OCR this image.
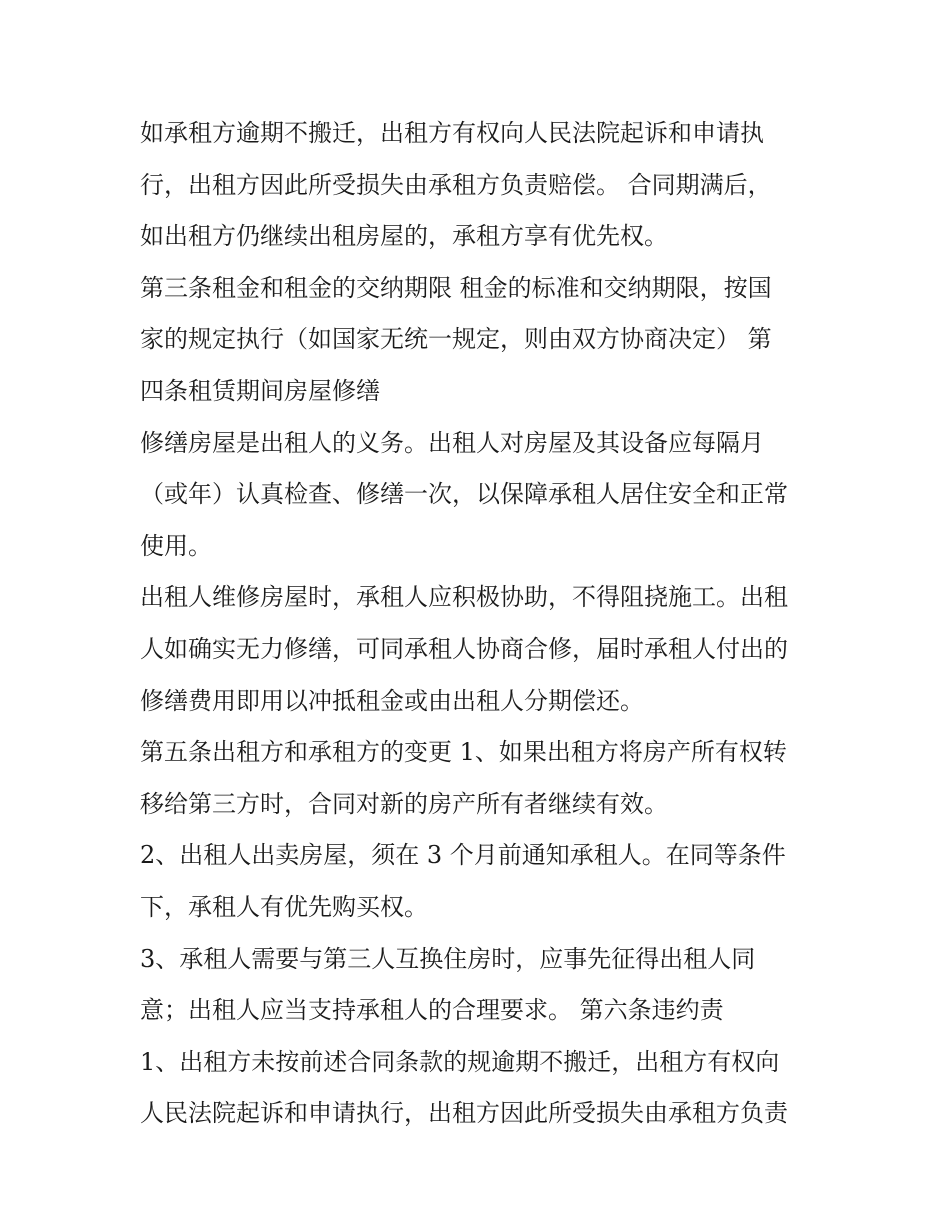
如承租方逾期不搬迁，出租方有权向人民法院起诉和申请执
行，出租方因此所受损失由承租方负责赔偿。 合同期满后，
如出租方仍继续出租房屋的，承租方享有优先权。
第三条租金和租金的交纳期限 租金的标准和交纳期限，按国
家的规定执行（如国家无统一规定，则由双方协商决定） 第
四条租赁期间房屋修缮
修缮房屋是出租人的义务。出租人对房屋及其设备应每隔月
（或年）认真检查、修缮一次，以保障承租人居住安全和正常
使用。
出租人维修房屋时，承租人应积极协助，不得阻挠施工。出租
人如确实无力修缮，可同承租人协商合修，届时承租人付出的
修缮费用即用以冲抵租金或由出租人分期偿还。
第五条出租方和承租方的变更 1、如果出租方将房产所有权转
移给第三方时，合同对新的房产所有者继续有效。
2、出租人出卖房屋，须在 3 个月前通知承租人。在同等条件
下，承租人有优先购买权。
3、承租人需要与第三人互换住房时，应事先征得出租人同
意；出租人应当支持承租人的合理要求。 第六条违约责
1、出租方未按前述合同条款的规逾期不搬迁，出租方有权向
人民法院起诉和申请执行，出租方因此所受损失由承租方负责
